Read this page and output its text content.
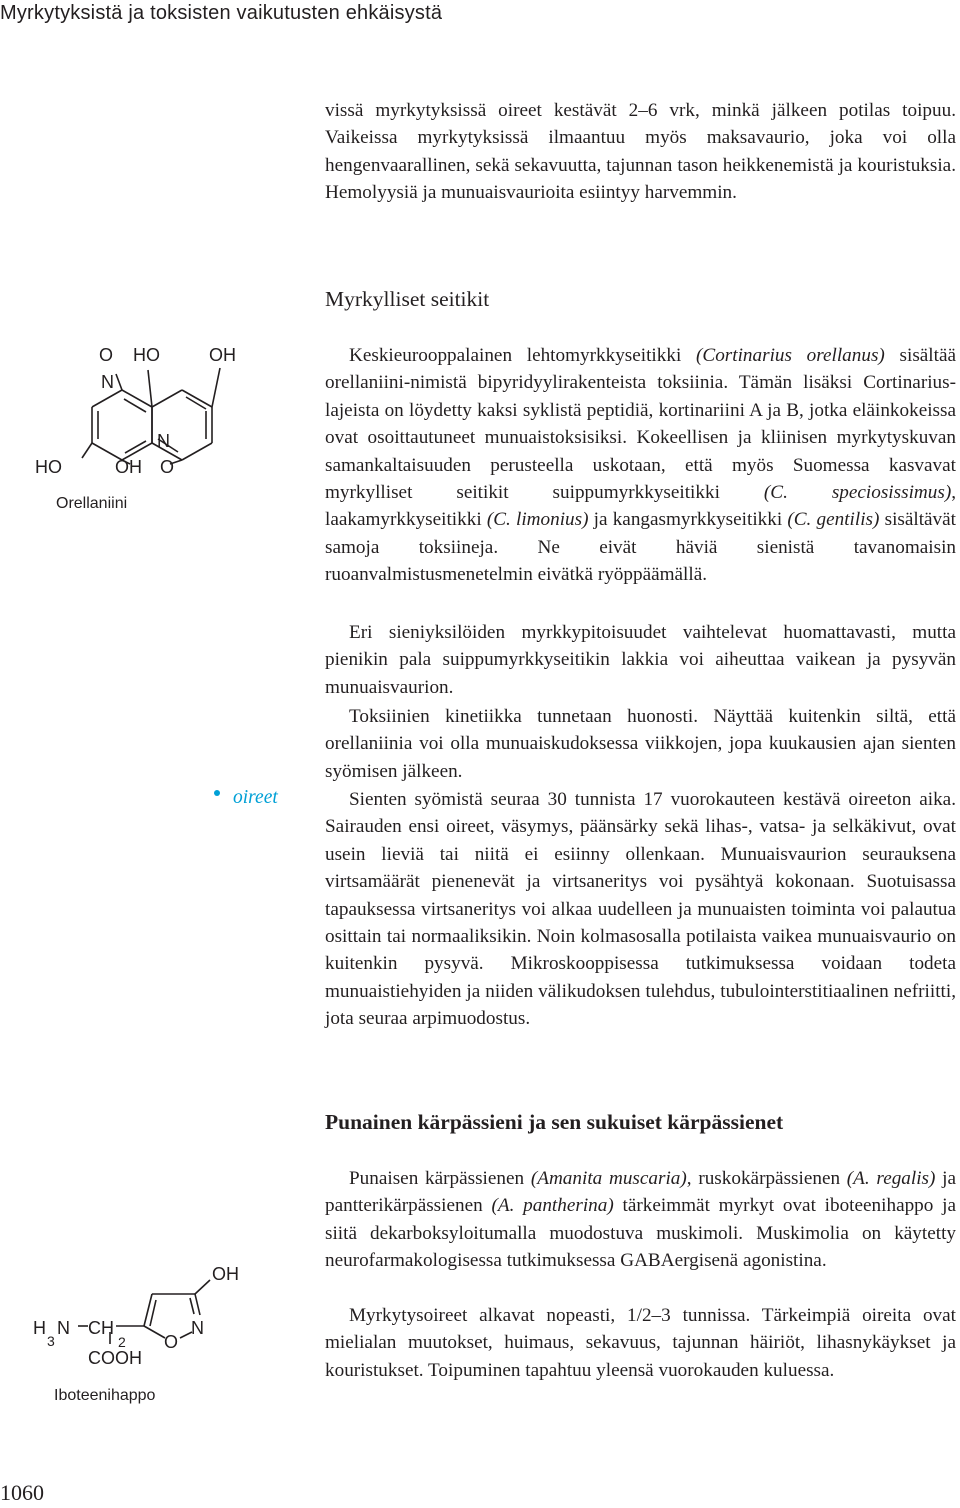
Myrkytyksistä ja toksisten vaikutusten ehkäisystä
vissä myrkytyksissä oireet kestävät 2–6 vrk, minkä jälkeen potilas toipuu. Vaikeissa myrkytyksissä ilmaantuu myös maksavaurio, joka voi olla hengenvaarallinen, sekä sekavuutta, tajunnan tason heikkenemistä ja kouristuksia. Hemolyysiä ja munuaisvaurioita esiintyy harvemmin.
Myrkylliset seitikit
O
N
HO	OH
HO	OH
N
O
Orellaniini
Keskieurooppalainen lehtomyrkkyseitikki (Cortinarius orellanus) sisältää orellaniini-nimistä bipyridyylirakenteista toksiinia. Tämän lisäksi Cortinarius-lajeista on löydetty kaksi syklistä peptidiä, kortinariini A ja B, jotka eläinkokeissa ovat osoittautuneet munuaistoksisiksi. Kokeellisen ja kliinisen myrkytyskuvan samankaltaisuuden perusteella uskotaan, että myös Suomessa kasvavat myrkylliset seitikit suippumyrkkyseitikki (C. speciosissimus), laakamyrkkyseitikki (C. limonius) ja kangasmyrkkyseitikki (C. gentilis) sisältävät samoja toksiineja. Ne eivät häviä sienistä tavanomaisin ruoanvalmistusmenetelmin eivätkä ryöppäämällä.
Eri sieniyksilöiden myrkkypitoisuudet vaihtelevat huomattavasti, mutta pienikin pala suippumyrkkyseitikin lakkia voi aiheuttaa vaikean ja pysyvän munuaisvaurion.
Toksiinien kinetiikka tunnetaan huonosti. Näyttää kuitenkin siltä, että orellaniinia voi olla munuaiskudoksessa viikkojen, jopa kuukausien ajan sienten syömisen jälkeen.
oireet	Sienten syömistä seuraa 30 tunnista 17 vuorokauteen kestävä oireeton aika. Sairauden ensi oireet, väsymys, päänsärky sekä lihas-, vatsa- ja selkäkivut, ovat usein lieviä tai niitä ei esiinny ollenkaan. Munuaisvaurion seurauksena virtsamäärät pienenevät ja virtsaneritys voi pysähtyä kokonaan. Suotuisassa tapauksessa virtsaneritys voi alkaa uudelleen ja munuaisten toiminta voi palautua osittain tai normaaliksikin. Noin kolmasosalla potilaista vaikea munuaisvaurio on kuitenkin pysyvä. Mikroskooppisessa tutkimuksessa voidaan todeta munuaistiehyiden ja niiden välikudoksen tulehdus, tubulointerstitiaalinen nefriitti, jota seuraa arpimuodostus.
Punainen kärpässieni ja sen sukuiset kärpässienet
H
3
N CH
2
COOH
OH
O
N
Iboteenihappo
Punaisen kärpässienen (Amanita muscaria), ruskokärpässienen (A. regalis) ja pantterikärpässienen (A. pantherina) tärkeimmät myrkyt ovat iboteenihappo ja siitä dekarboksyloitumalla muodostuva muskimoli. Muskimolia on käytetty neurofarmakologisessa tutkimuksessa GABAergisenä agonistina.
Myrkytysoireet alkavat nopeasti, 1/2–3 tunnissa. Tärkeimpiä oireita ovat mielialan muutokset, huimaus, sekavuus, tajunnan häiriöt, lihasnykäykset ja kouristukset. Toipuminen tapahtuu yleensä vuorokauden kuluessa.
1060
